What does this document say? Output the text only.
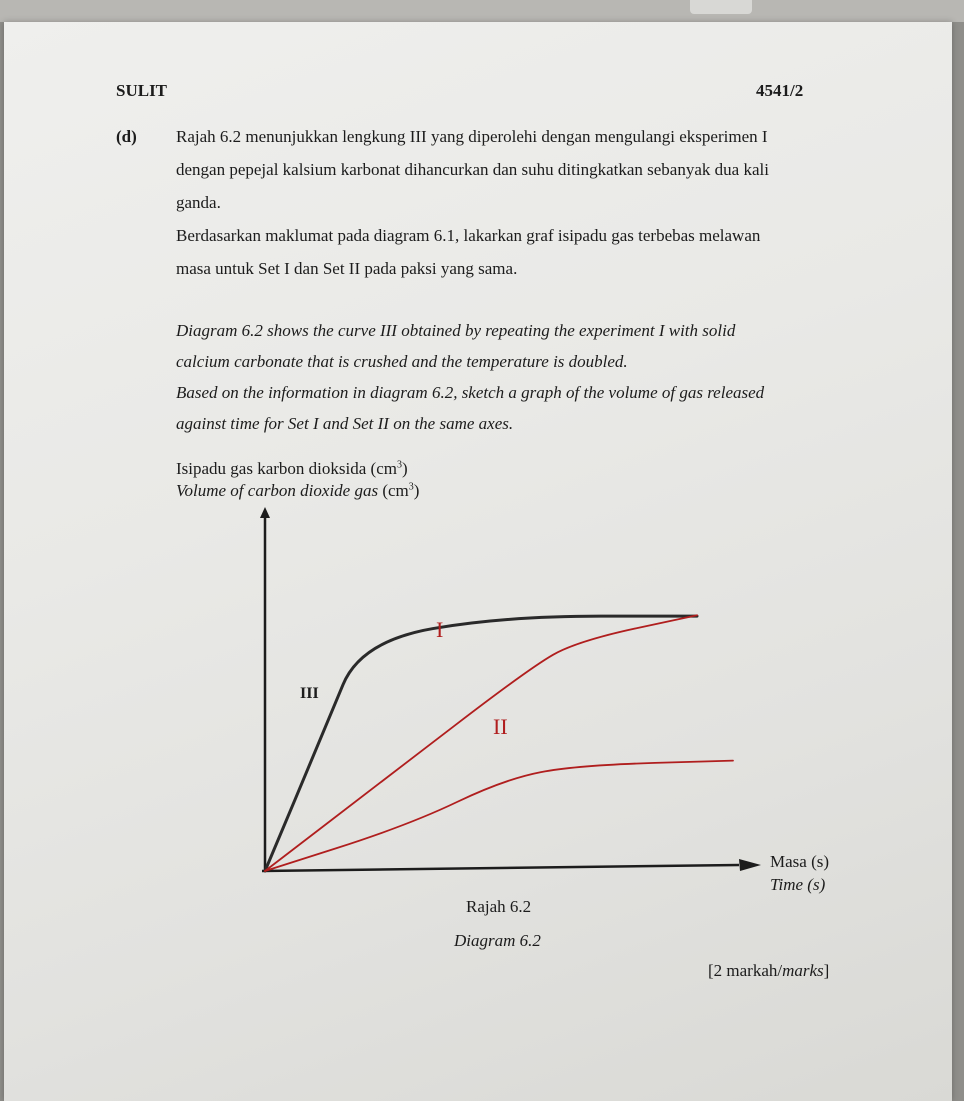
SULIT	4541/2
(d) Rajah 6.2 menunjukkan lengkung III yang diperolehi dengan mengulangi eksperimen I
dengan pepejal kalsium karbonat dihancurkan dan suhu ditingkatkan sebanyak dua kali
ganda.
Berdasarkan maklumat pada diagram 6.1, lakarkan graf isipadu gas terbebas melawan
masa untuk Set I dan Set II pada paksi yang sama.
Diagram 6.2 shows the curve III obtained by repeating the experiment I with solid
calcium carbonate that is crushed and the temperature is doubled.
Based on the information in diagram 6.2, sketch a graph of the volume of gas released
against time for Set I and Set II on the same axes.
Isipadu gas karbon dioksida $(cm^3)$
Volume of carbon dioxide gas $(cm^3)$
III
I
II
Masa (s)
Time (s)
Rajah 6.2
Diagram 6.2
[2 markah/marks]
